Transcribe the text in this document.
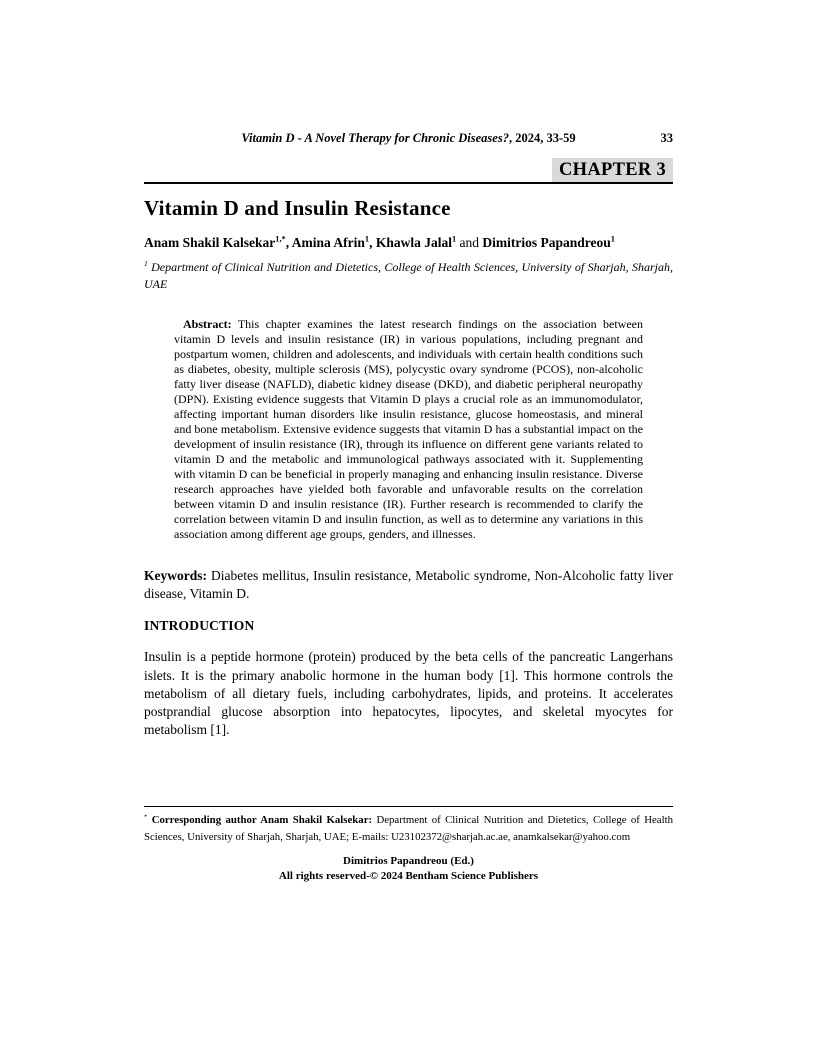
Vitamin D - A Novel Therapy for Chronic Diseases?, 2024, 33-59	33
CHAPTER 3
Vitamin D and Insulin Resistance

Anam Shakil Kalsekar$^{1,*}$, Amina Afrin$^1$, Khawla Jalal$^1$ and Dimitrios Papandreou$^1$

$^1$ Department of Clinical Nutrition and Dietetics, College of Health Sciences, University of Sharjah, Sharjah, UAE

Abstract: This chapter examines the latest research findings on the association between vitamin D levels and insulin resistance (IR) in various populations, including pregnant and postpartum women, children and adolescents, and individuals with certain health conditions such as diabetes, obesity, multiple sclerosis (MS), polycystic ovary syndrome (PCOS), non-alcoholic fatty liver disease (NAFLD), diabetic kidney disease (DKD), and diabetic peripheral neuropathy (DPN). Existing evidence suggests that Vitamin D plays a crucial role as an immunomodulator, affecting important human disorders like insulin resistance, glucose homeostasis, and mineral and bone metabolism. Extensive evidence suggests that vitamin D has a substantial impact on the development of insulin resistance (IR), through its influence on different gene variants related to vitamin D and the metabolic and immunological pathways associated with it. Supplementing with vitamin D can be beneficial in properly managing and enhancing insulin resistance. Diverse research approaches have yielded both favorable and unfavorable results on the correlation between vitamin D and insulin resistance (IR). Further research is recommended to clarify the correlation between vitamin D and insulin function, as well as to determine any variations in this association among different age groups, genders, and illnesses.

Keywords: Diabetes mellitus, Insulin resistance, Metabolic syndrome, Non-Alcoholic fatty liver disease, Vitamin D.

INTRODUCTION

Insulin is a peptide hormone (protein) produced by the beta cells of the pancreatic Langerhans islets. It is the primary anabolic hormone in the human body [1]. This hormone controls the metabolism of all dietary fuels, including carbohydrates, lipids, and proteins. It accelerates postprandial glucose absorption into hepatocytes, lipocytes, and skeletal myocytes for metabolism [1].

* Corresponding author Anam Shakil Kalsekar: Department of Clinical Nutrition and Dietetics, College of Health Sciences, University of Sharjah, Sharjah, UAE; E-mails: U23102372@sharjah.ac.ae, anamkalsekar@yahoo.com

Dimitrios Papandreou (Ed.)
All rights reserved-© 2024 Bentham Science Publishers
